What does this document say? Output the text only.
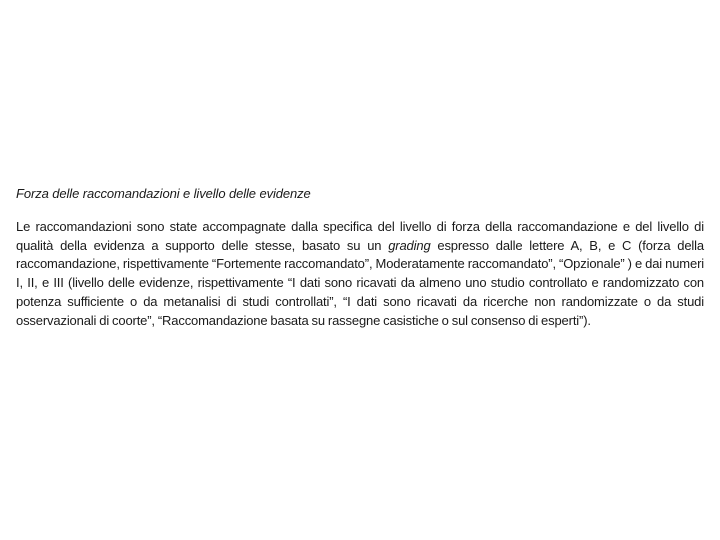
Forza delle raccomandazioni e livello delle evidenze

Le raccomandazioni sono state accompagnate dalla specifica del livello di forza della raccomandazione e del livello di qualità della evidenza a supporto delle stesse, basato su un grading espresso dalle lettere A, B, e C (forza della raccomandazione, rispettivamente “Fortemente raccomandato”, Moderatamente raccomandato”, “Opzionale” ) e dai numeri I, II, e III (livello delle evidenze, rispettivamente “I dati sono ricavati da almeno uno studio controllato e randomizzato con potenza sufficiente o da metanalisi di studi controllati”, “I dati sono ricavati da ricerche non randomizzate o da studi osservazionali di coorte”, “Raccomandazione basata su rassegne casistiche o sul consenso di esperti”).
